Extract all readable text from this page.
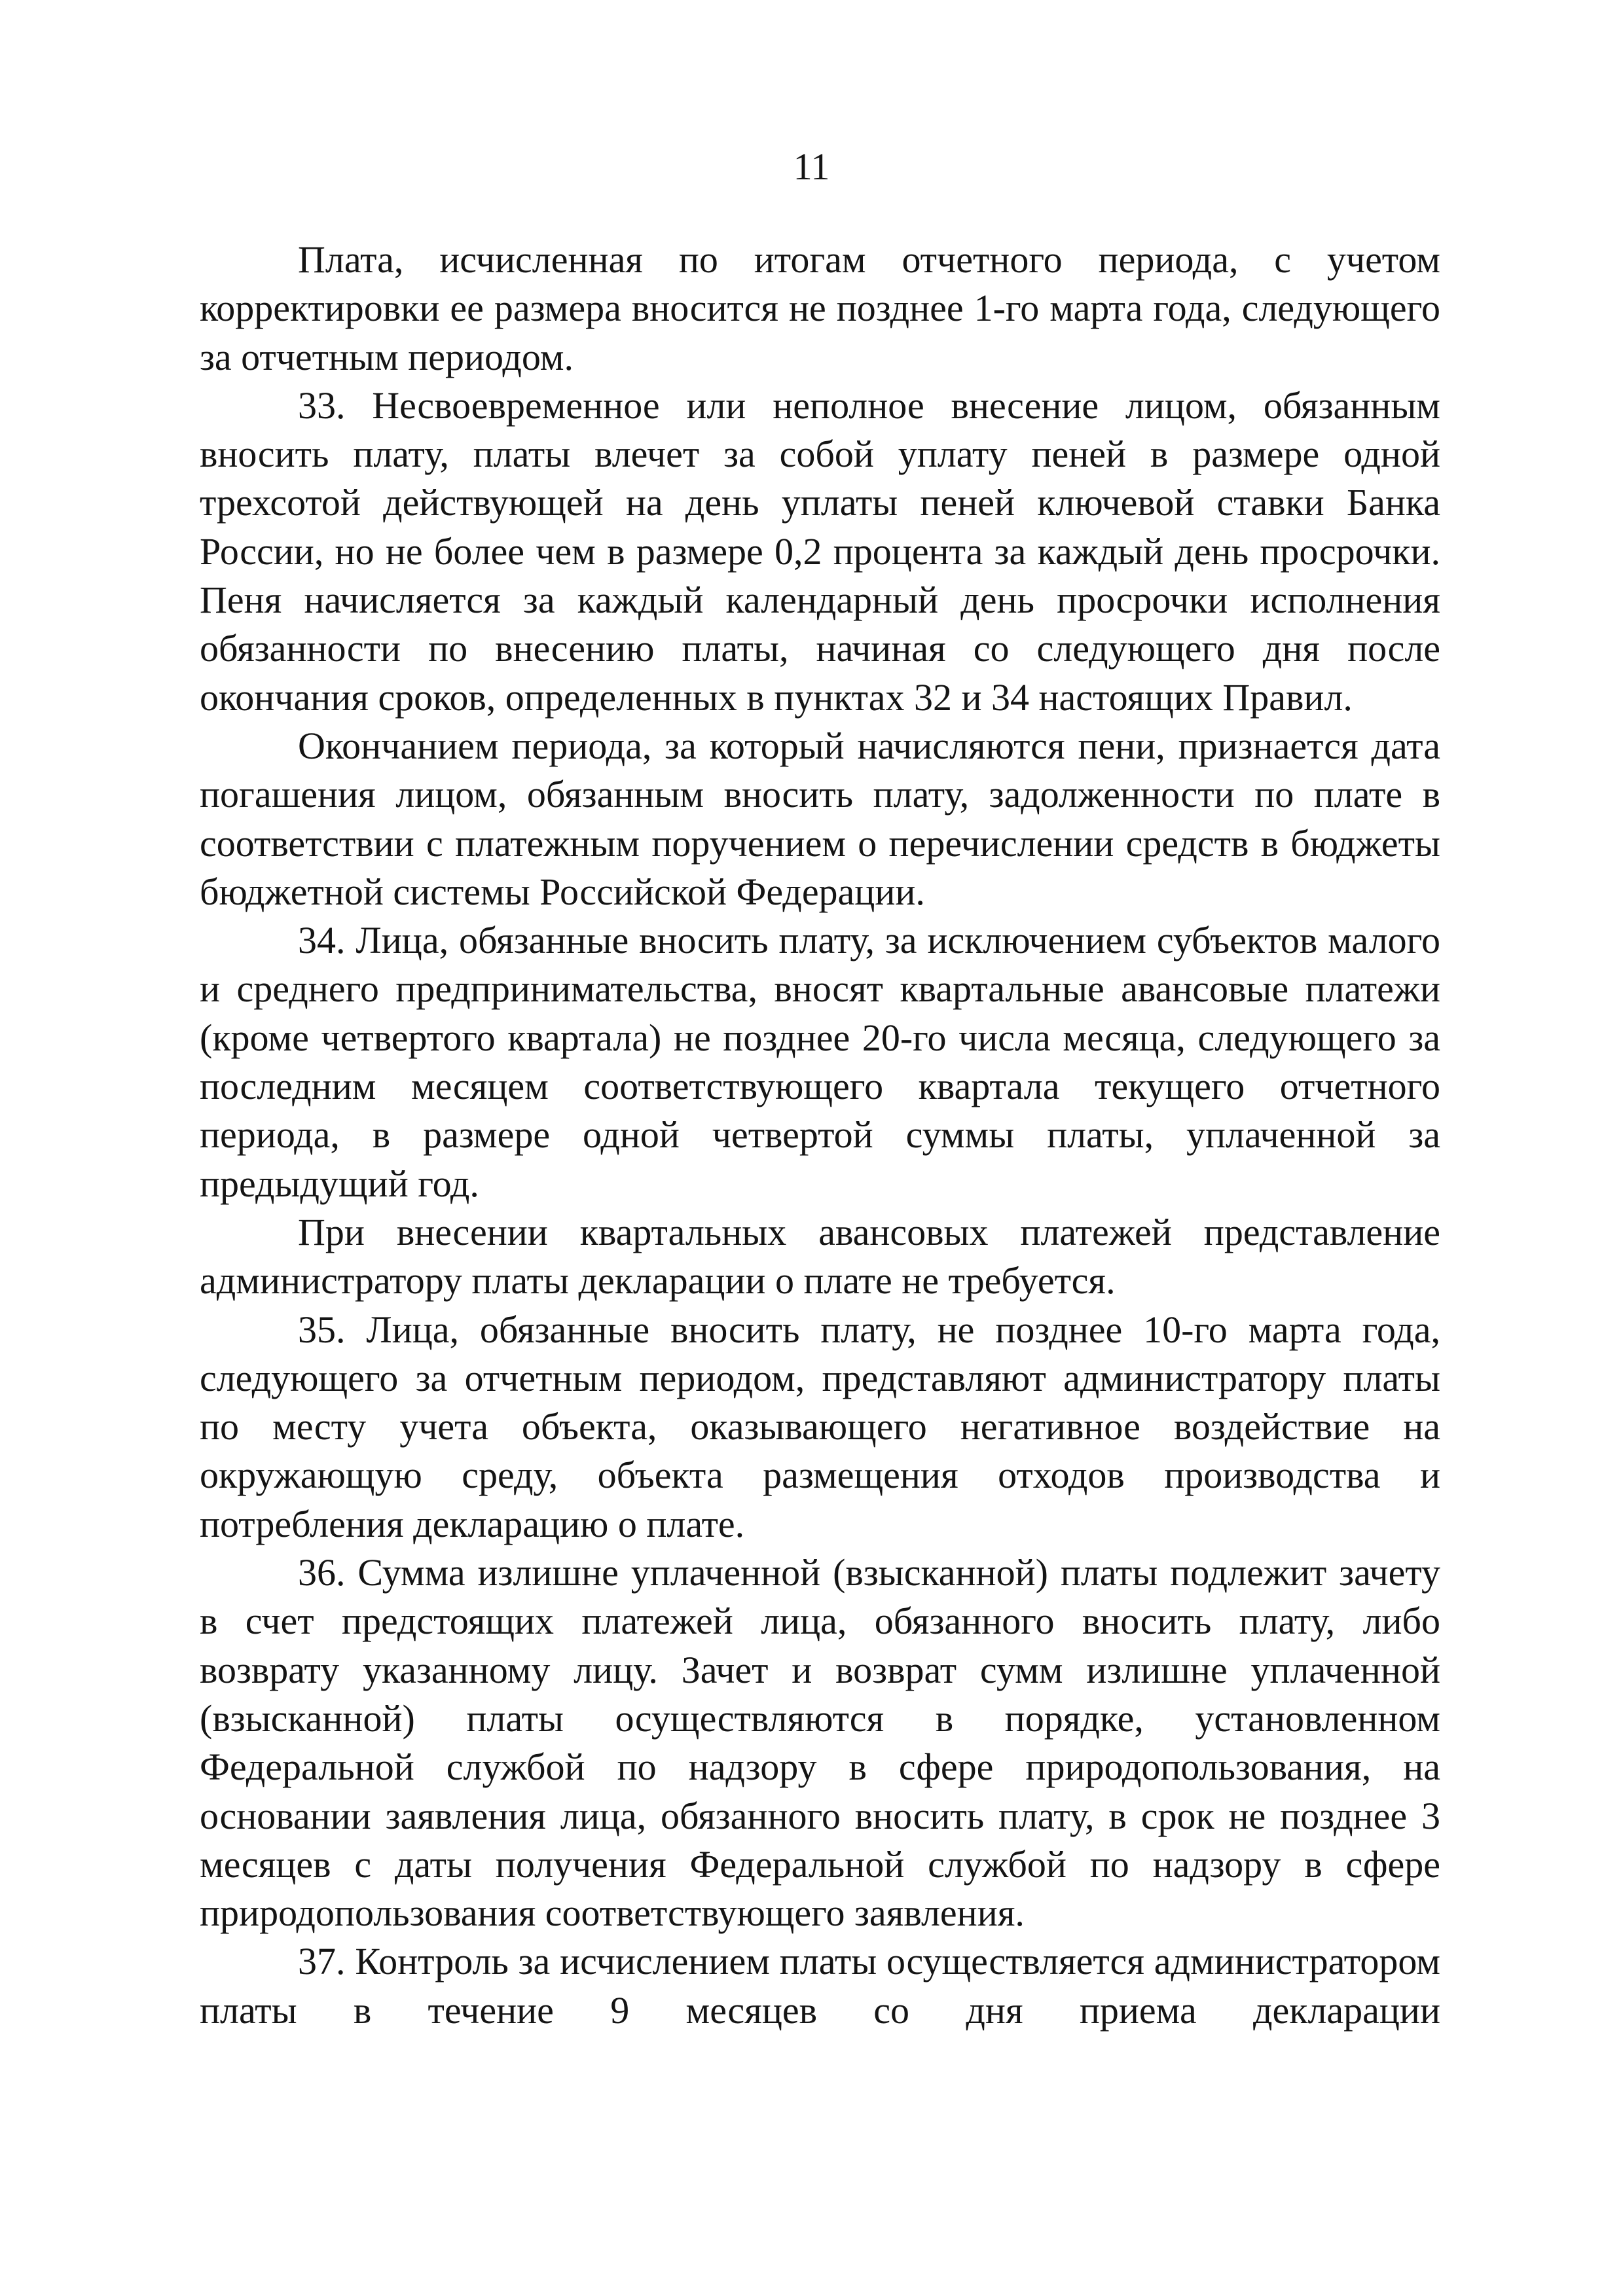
11

Плата, исчисленная по итогам отчетного периода, с учетом корректировки ее размера вносится не позднее 1-го марта года, следующего за отчетным периодом.

33. Несвоевременное или неполное внесение лицом, обязанным вносить плату, платы влечет за собой уплату пеней в размере одной трехсотой действующей на день уплаты пеней ключевой ставки Банка России, но не более чем в размере 0,2 процента за каждый день просрочки. Пеня начисляется за каждый календарный день просрочки исполнения обязанности по внесению платы, начиная со следующего дня после окончания сроков, определенных в пунктах 32 и 34 настоящих Правил.

Окончанием периода, за который начисляются пени, признается дата погашения лицом, обязанным вносить плату, задолженности по плате в соответствии с платежным поручением о перечислении средств в бюджеты бюджетной системы Российской Федерации.

34. Лица, обязанные вносить плату, за исключением субъектов малого и среднего предпринимательства, вносят квартальные авансовые платежи (кроме четвертого квартала) не позднее 20-го числа месяца, следующего за последним месяцем соответствующего квартала текущего отчетного периода, в размере одной четвертой суммы платы, уплаченной за предыдущий год.

При внесении квартальных авансовых платежей представление администратору платы декларации о плате не требуется.

35. Лица, обязанные вносить плату, не позднее 10-го марта года, следующего за отчетным периодом, представляют администратору платы по месту учета объекта, оказывающего негативное воздействие на окружающую среду, объекта размещения отходов производства и потребления декларацию о плате.

36. Сумма излишне уплаченной (взысканной) платы подлежит зачету в счет предстоящих платежей лица, обязанного вносить плату, либо возврату указанному лицу. Зачет и возврат сумм излишне уплаченной (взысканной) платы осуществляются в порядке, установленном Федеральной службой по надзору в сфере природопользования, на основании заявления лица, обязанного вносить плату, в срок не позднее 3 месяцев с даты получения Федеральной службой по надзору в сфере природопользования соответствующего заявления.

37. Контроль за исчислением платы осуществляется администратором платы в течение 9 месяцев со дня приема декларации
